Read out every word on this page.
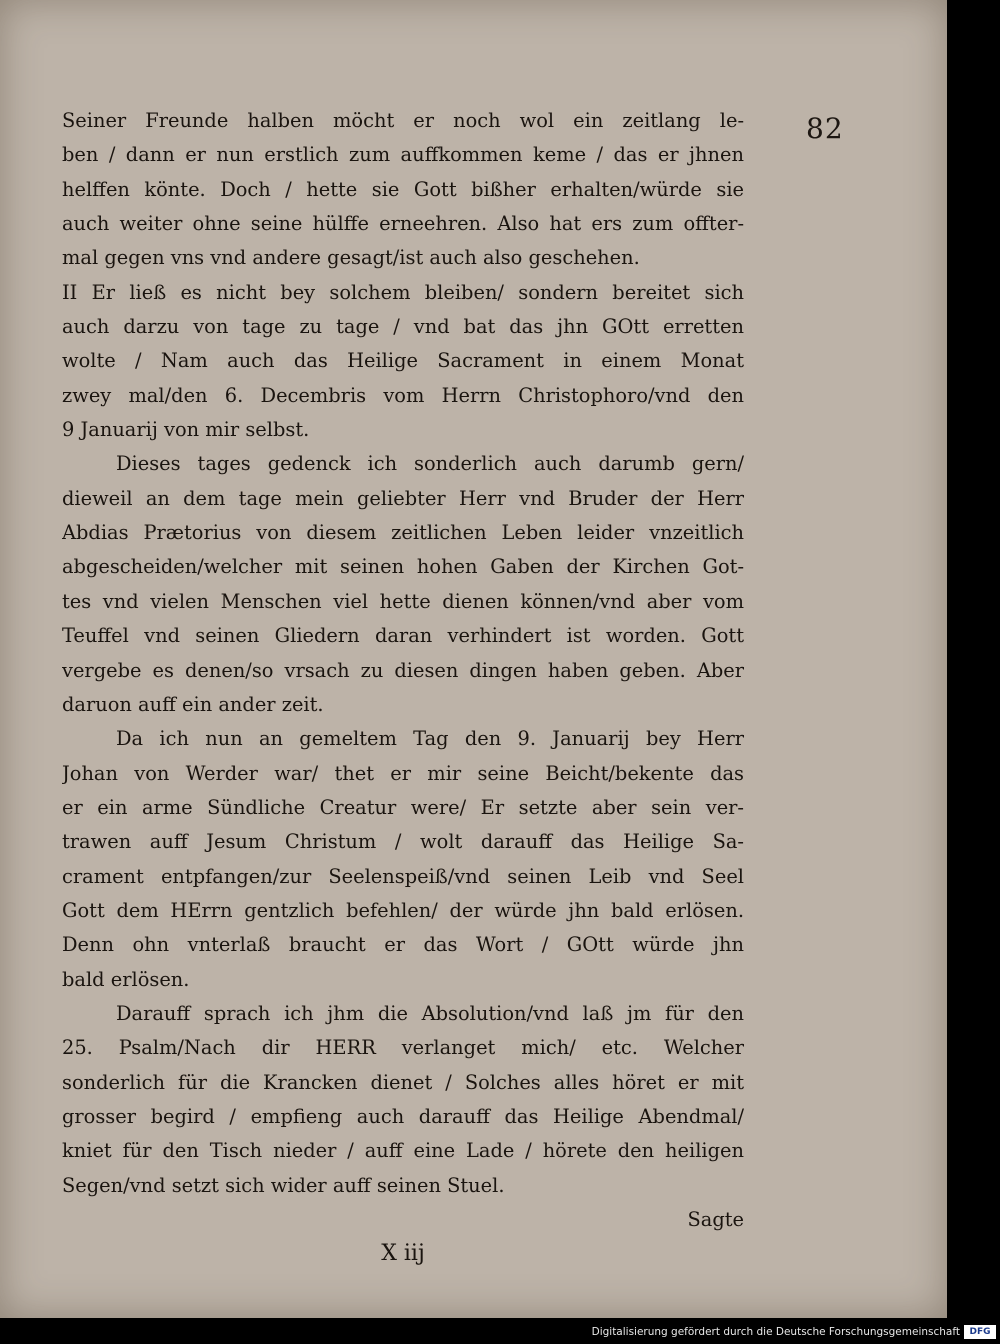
82
Seiner Freunde halben möcht er noch wol ein zeitlang le-
ben / dann er nun erstlich zum auffkommen keme / das er jhnen
helffen könte. Doch / hette sie Gott bißher erhalten/würde sie
auch weiter ohne seine hülffe erneehren. Also hat ers zum offter-
mal gegen vns vnd andere gesagt/ist auch also geschehen.
II Er ließ es nicht bey solchem bleiben/ sondern bereitet sich
auch darzu von tage zu tage / vnd bat das jhn GOtt erretten
wolte / Nam auch das Heilige Sacrament in einem Monat
zwey mal/den 6. Decembris vom Herrn Christophoro/vnd den
9 Januarij von mir selbst.
Dieses tages gedenck ich sonderlich auch darumb gern/
dieweil an dem tage mein geliebter Herr vnd Bruder der Herr
Abdias Prætorius von diesem zeitlichen Leben leider vnzeitlich
abgescheiden/welcher mit seinen hohen Gaben der Kirchen Got-
tes vnd vielen Menschen viel hette dienen können/vnd aber vom
Teuffel vnd seinen Gliedern daran verhindert ist worden. Gott
vergebe es denen/so vrsach zu diesen dingen haben geben. Aber
daruon auff ein ander zeit.
Da ich nun an gemeltem Tag den 9. Januarij bey Herr
Johan von Werder war/ thet er mir seine Beicht/bekente das
er ein arme Sündliche Creatur were/ Er setzte aber sein ver-
trawen auff Jesum Christum / wolt darauff das Heilige Sa-
crament entpfangen/zur Seelenspeiß/vnd seinen Leib vnd Seel
Gott dem HErrn gentzlich befehlen/ der würde jhn bald erlösen.
Denn ohn vnterlaß braucht er das Wort / GOtt würde jhn
bald erlösen.
Darauff sprach ich jhm die Absolution/vnd laß jm für den
25. Psalm/Nach dir HERR verlanget mich/ etc. Welcher
sonderlich für die Krancken dienet / Solches alles höret er mit
grosser begird / empfieng auch darauff das Heilige Abendmal/
kniet für den Tisch nieder / auff eine Lade / hörete den heiligen
Segen/vnd setzt sich wider auff seinen Stuel.
Sagte
X iij
Digitalisierung gefördert durch die Deutsche Forschungsgemeinschaft	DFG
